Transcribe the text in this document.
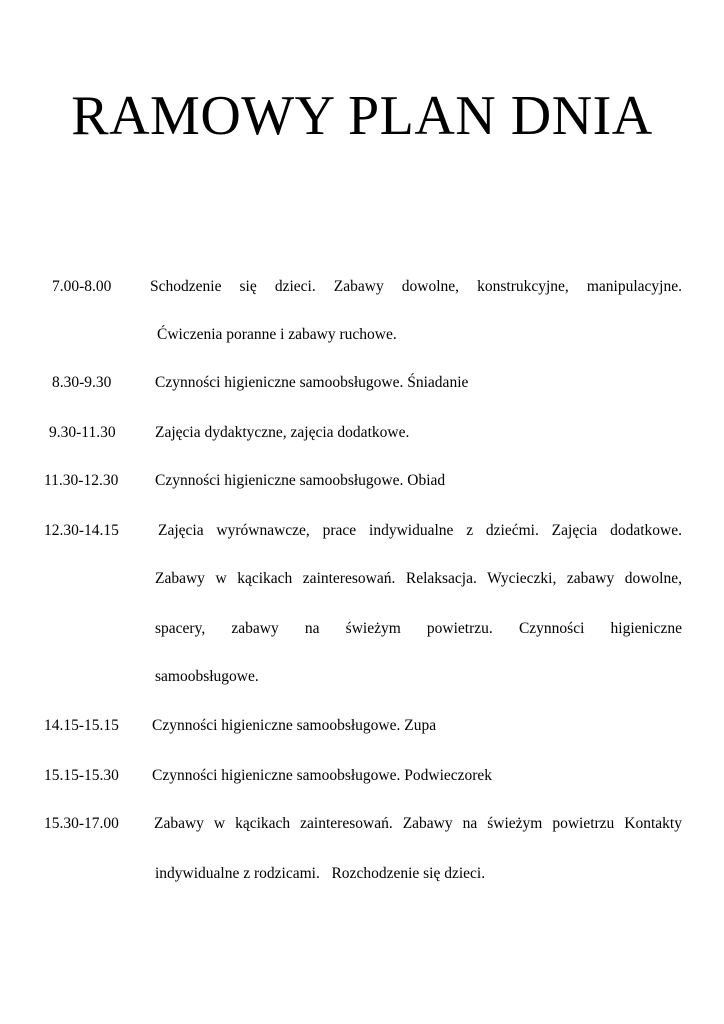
RAMOWY PLAN DNIA
7.00-8.00 Schodzenie się dzieci. Zabawy dowolne, konstrukcyjne, manipulacyjne.
Ćwiczenia poranne i zabawy ruchowe.
8.30-9.30	Czynności higieniczne samoobsługowe. Śniadanie
9.30-11.30	Zajęcia dydaktyczne, zajęcia dodatkowe.
11.30-12.30 Czynności higieniczne samoobsługowe. Obiad
12.30-14.15	Zajęcia wyrównawcze, prace indywidualne z dziećmi. Zajęcia dodatkowe.
Zabawy w kącikach zainteresowań. Relaksacja. Wycieczki, zabawy dowolne,
spacery, zabawy na świeżym powietrzu. Czynności higieniczne
samoobsługowe.
14.15-15.15 Czynności higieniczne samoobsługowe. Zupa
15.15-15.30 Czynności higieniczne samoobsługowe. Podwieczorek
15.30-17.00 Zabawy w kącikach zainteresowań. Zabawy na świeżym powietrzu Kontakty
indywidualne z rodzicami.   Rozchodzenie się dzieci.
